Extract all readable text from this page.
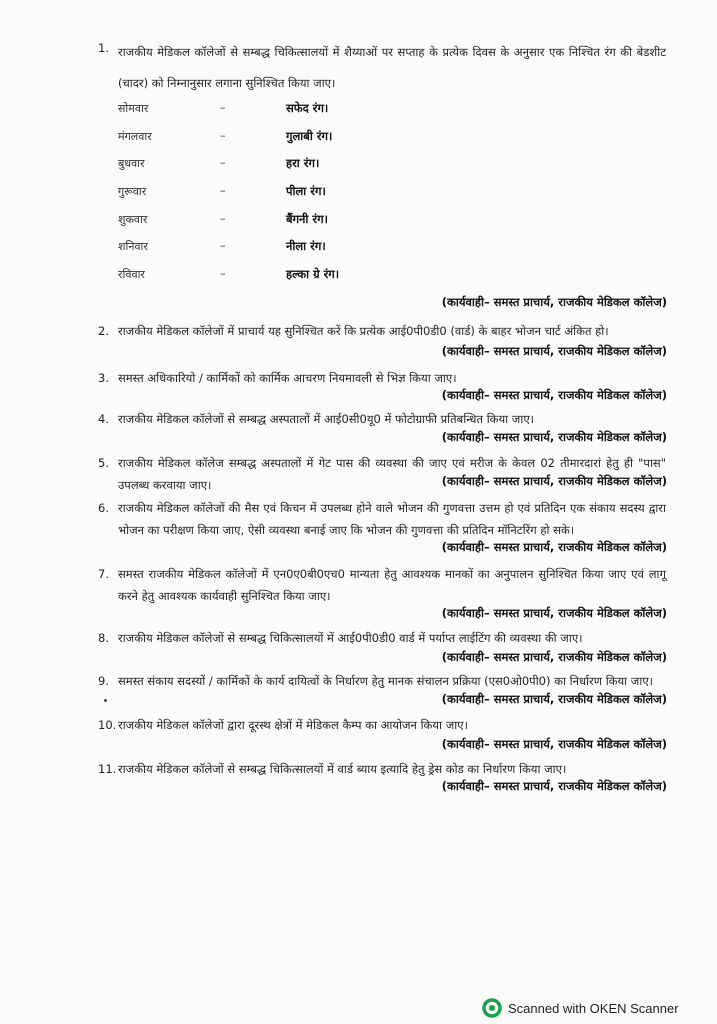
1. राजकीय मेडिकल कॉलेजों से सम्बद्ध चिकित्सालयों में शैय्याओं पर सप्ताह के प्रत्येक दिवस के अनुसार एक निश्चित रंग की बेडशीट (चादर) को निम्नानुसार लगाना सुनिश्चित किया जाए।
सोमवार	–	सफेद रंग।
मंगलवार	–	गुलाबी रंग।
बुधवार	–	हरा रंग।
गुरूवार	–	पीला रंग।
शुकवार	–	बैंगनी रंग।
शनिवार	–	नीला रंग।
रविवार	–	हल्का ग्रे रंग।
(कार्यवाही– समस्त प्राचार्य, राजकीय मेडिकल कॉलेज)
2. राजकीय मेडिकल कॉलेजों में प्राचार्य यह सुनिश्चित करें कि प्रत्येक आई0पी0डी0 (वार्ड) के बाहर भोजन चार्ट अंकित हो।
(कार्यवाही– समस्त प्राचार्य, राजकीय मेडिकल कॉलेज)
3. समस्त अधिकारियो / कार्मिकों को कार्मिक आचरण नियमावली से भिज्ञ किया जाए।
(कार्यवाही– समस्त प्राचार्य, राजकीय मेडिकल कॉलेज)
4. राजकीय मेडिकल कॉलेजों से सम्बद्ध अस्पतालों में आई0सी0यू0 में फोटोग्राफी प्रतिबन्धित किया जाए।
(कार्यवाही– समस्त प्राचार्य, राजकीय मेडिकल कॉलेज)
5. राजकीय मेडिकल कॉलेज सम्बद्ध अस्पतालों में गेट पास की व्यवस्था की जाए एवं मरीज के केवल 02 तीमारदारां हेतु ही "पास" उपलब्ध करवाया जाए।	(कार्यवाही– समस्त प्राचार्य, राजकीय मेडिकल कॉलेज)
6. राजकीय मेडिकल कॉलेजों की मैस एवं किचन में उपलब्ध होने वाले भोजन की गुणवत्ता उत्तम हो एवं प्रतिदिन एक संकाय सदस्य द्वारा भोजन का परीक्षण किया जाए, ऐसी व्यवस्था बनाई जाए कि भोजन की गुणवत्ता की प्रतिदिन मॉनिटरिंग हो सके।
(कार्यवाही– समस्त प्राचार्य, राजकीय मेडिकल कॉलेज)
7. समस्त राजकीय मेडिकल कॉलेजों में एन0ए0बी0एच0 मान्यता हेतु आवश्यक मानकों का अनुपालन सुनिश्चित किया जाए एवं लागू करने हेतु आवश्यक कार्यवाही सुनिश्चित किया जाए।
(कार्यवाही– समस्त प्राचार्य, राजकीय मेडिकल कॉलेज)
8. राजकीय मेडिकल कॉलेजों से सम्बद्ध चिकित्सालयों में आई0पी0डी0 वार्ड में पर्याप्त लाईटिंग की व्यवस्था की जाए।
(कार्यवाही– समस्त प्राचार्य, राजकीय मेडिकल कॉलेज)
9. समस्त संकाय सदस्यों / कार्मिकों के कार्य दायित्वों के निर्धारण हेतु मानक संचालन प्रक्रिया (एस0ओ0पी0) का निर्धारण किया जाए।
(कार्यवाही– समस्त प्राचार्य, राजकीय मेडिकल कॉलेज)
10. राजकीय मेडिकल कॉलेजों द्वारा दूरस्थ क्षेत्रों में मेडिकल कैम्प का आयोजन किया जाए।
(कार्यवाही– समस्त प्राचार्य, राजकीय मेडिकल कॉलेज)
11. राजकीय मेडिकल कॉलेजों से सम्बद्ध चिकित्सालयों में वार्ड ब्याय इत्यादि हेतु ड्रेस कोड का निर्धारण किया जाए।
(कार्यवाही– समस्त प्राचार्य, राजकीय मेडिकल कॉलेज)
Scanned with OKEN Scanner
